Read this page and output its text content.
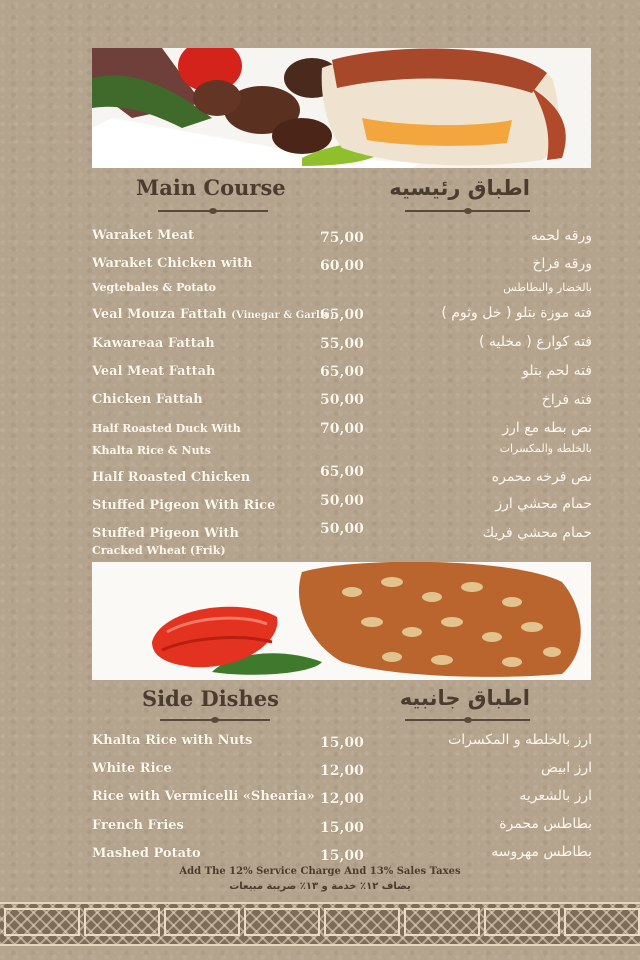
Main Course	اطباق رئيسيه
Waraket Meat	75,00	ورقه لحمه
Waraket Chicken with
Vegtebales & Potato
60,00	ورقه فراخ
بالخضار والبطاطس
Veal Mouza Fattah (Vinegar & Garlic)
65,00	فته موزة بتلو ( خل وثوم )
Kawareaa Fattah	55,00	فته كوارع ( مخليه )
Veal Meat Fattah	65,00	فته لحم بتلو
Chicken Fattah	50,00	فته فراخ
Half Roasted Duck With
Khalta Rice & Nuts
70,00	نص بطه مع ارز
بالخلطه والمكسرات
Half Roasted Chicken	65,00	نص فرخه محمره
Stuffed Pigeon With Rice	50,00	حمام محشي ارز
Stuffed Pigeon With
Cracked Wheat (Frik)
50,00	حمام محشي فريك
Side Dishes	اطباق جانبيه
Khalta Rice with Nuts	15,00	ارز بالخلطه و المكسرات
White Rice	12,00	ارز ابيض
Rice with Vermicelli «Shearia» 12,00	ارز بالشعريه
French Fries	15,00	بطاطس محمرة
Mashed Potato	15,00	بطاطس مهروسه
Add The 12% Service Charge And 13% Sales Taxes
يضاف ١٢٪ خدمة و ١٣٪ ضريبة مبيعات
